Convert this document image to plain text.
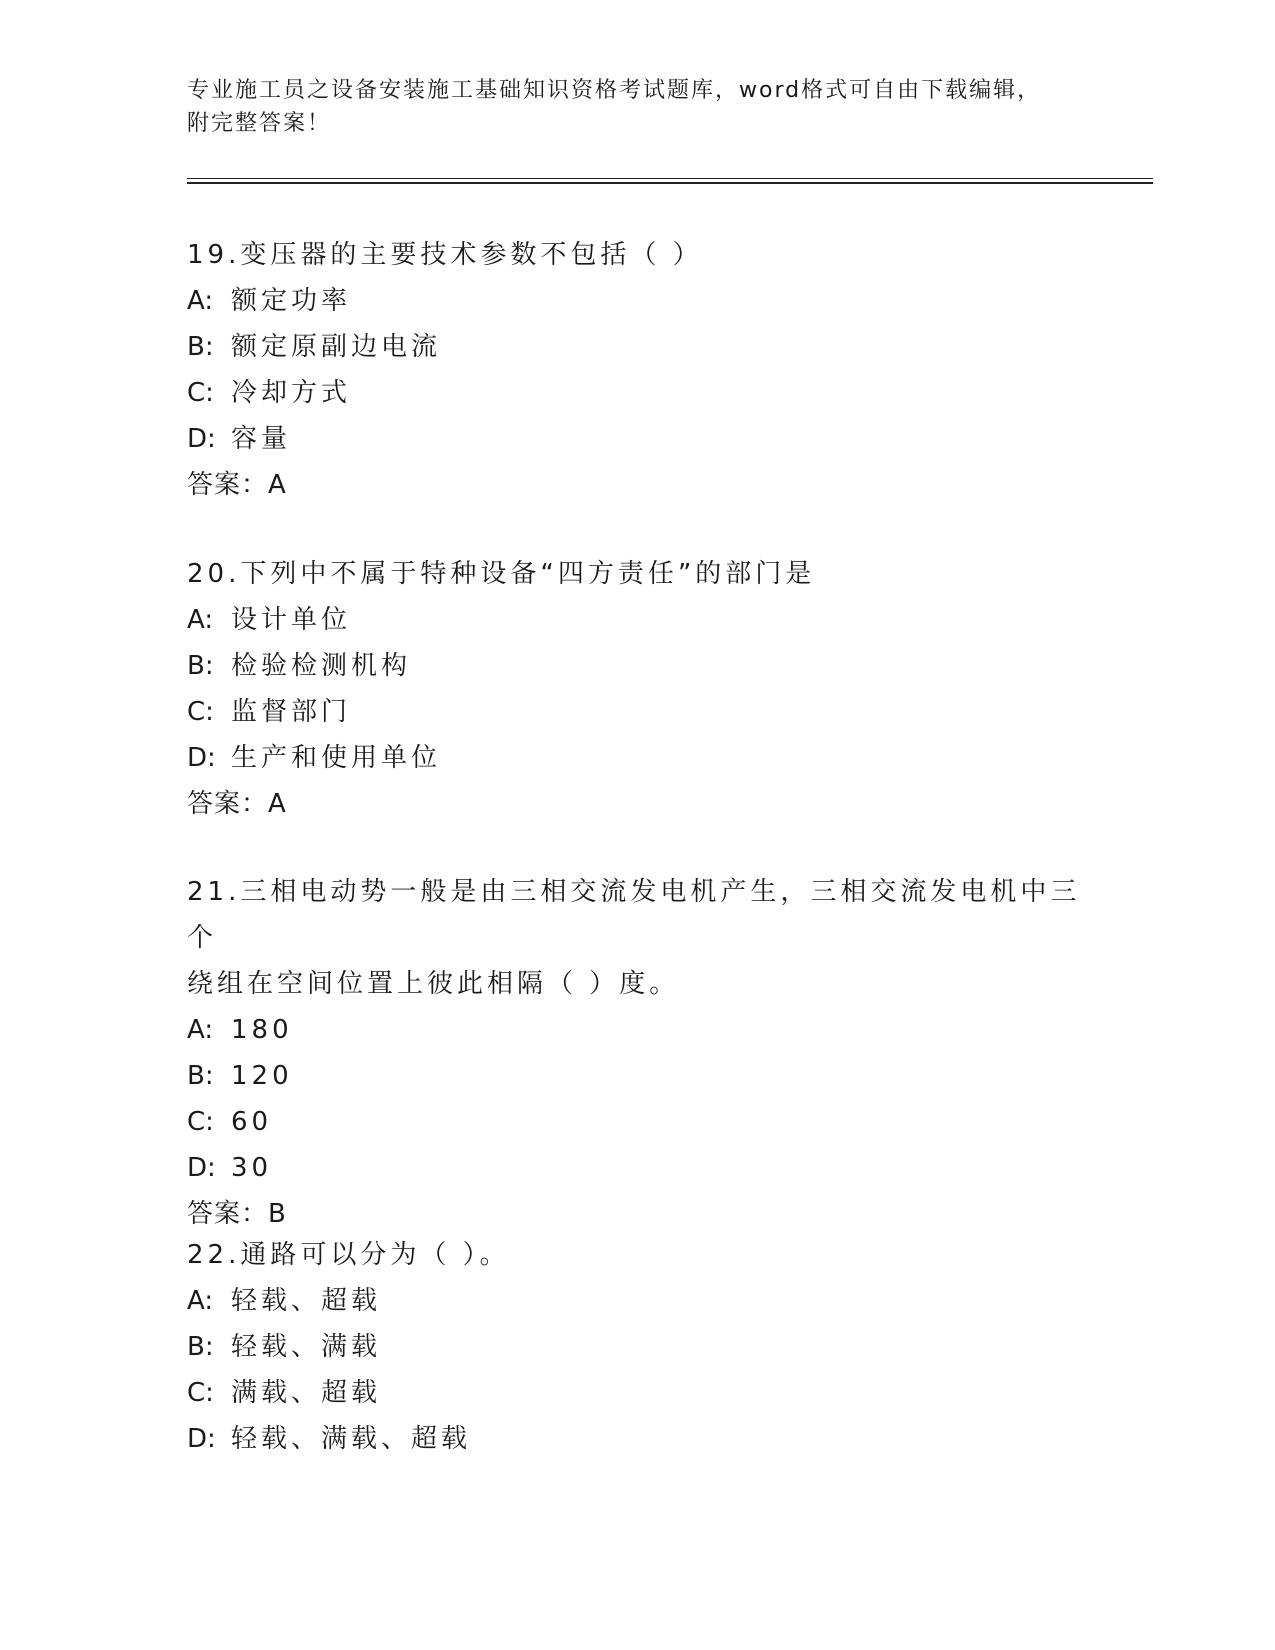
专业施工员之设备安装施工基础知识资格考试题库，word格式可自由下载编辑，
附完整答案！

19.变压器的主要技术参数不包括（ ）

A: 额定功率

B: 额定原副边电流

C: 冷却方式

D: 容量

答案：A

20.下列中不属于特种设备“四方责任”的部门是

A: 设计单位

B: 检验检测机构

C: 监督部门

D: 生产和使用单位

答案：A

21.三相电动势一般是由三相交流发电机产生，三相交流发电机中三个

绕组在空间位置上彼此相隔（ ）度。

A: 180

B: 120

C: 60

D: 30

答案：B

22.通路可以分为（ ）。

A: 轻载、超载

B: 轻载、满载

C: 满载、超载

D: 轻载、满载、超载
